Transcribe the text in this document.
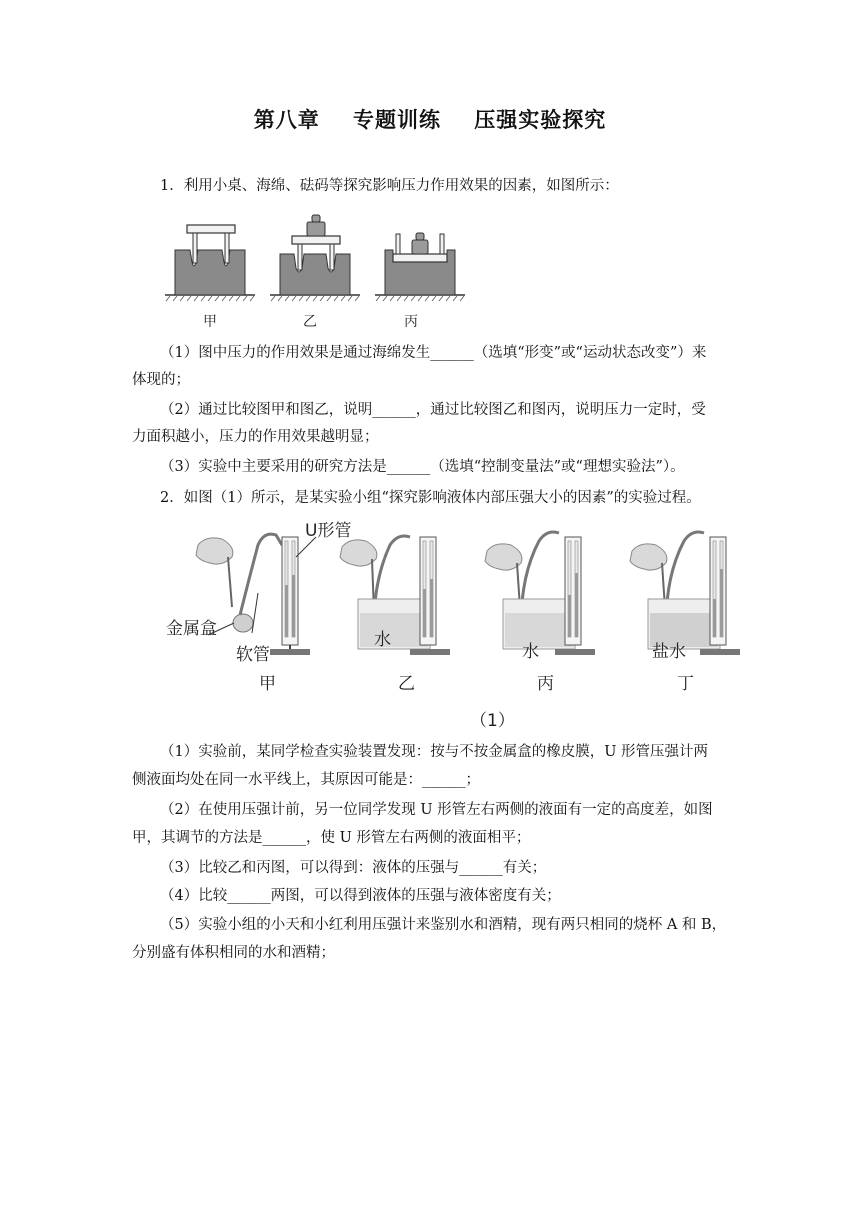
第八章    专题训练    压强实验探究
1．利用小桌、海绵、砝码等探究影响压力作用效果的因素，如图所示：
甲	乙	丙
（1）图中压力的作用效果是通过海绵发生______（选填“形变”或“运动状态改变”）来
体现的；
（2）通过比较图甲和图乙，说明______，通过比较图乙和图丙，说明压力一定时，受
力面积越小，压力的作用效果越明显；
（3）实验中主要采用的研究方法是______（选填“控制变量法”或“理想实验法”）。
2．如图（1）所示，是某实验小组“探究影响液体内部压强大小的因素”的实验过程。
U形管
金属盒
软管
水
水	盐水
甲	乙	丙	丁
（1）
（1）实验前，某同学检查实验装置发现：按与不按金属盒的橡皮膜，U 形管压强计两
侧液面均处在同一水平线上，其原因可能是：______；
（2）在使用压强计前，另一位同学发现 U 形管左右两侧的液面有一定的高度差，如图
甲，其调节的方法是______，使 U 形管左右两侧的液面相平；
（3）比较乙和丙图，可以得到：液体的压强与______有关；
（4）比较______两图，可以得到液体的压强与液体密度有关；
（5）实验小组的小天和小红利用压强计来鉴别水和酒精，现有两只相同的烧杯 A 和 B，
分别盛有体积相同的水和酒精；
